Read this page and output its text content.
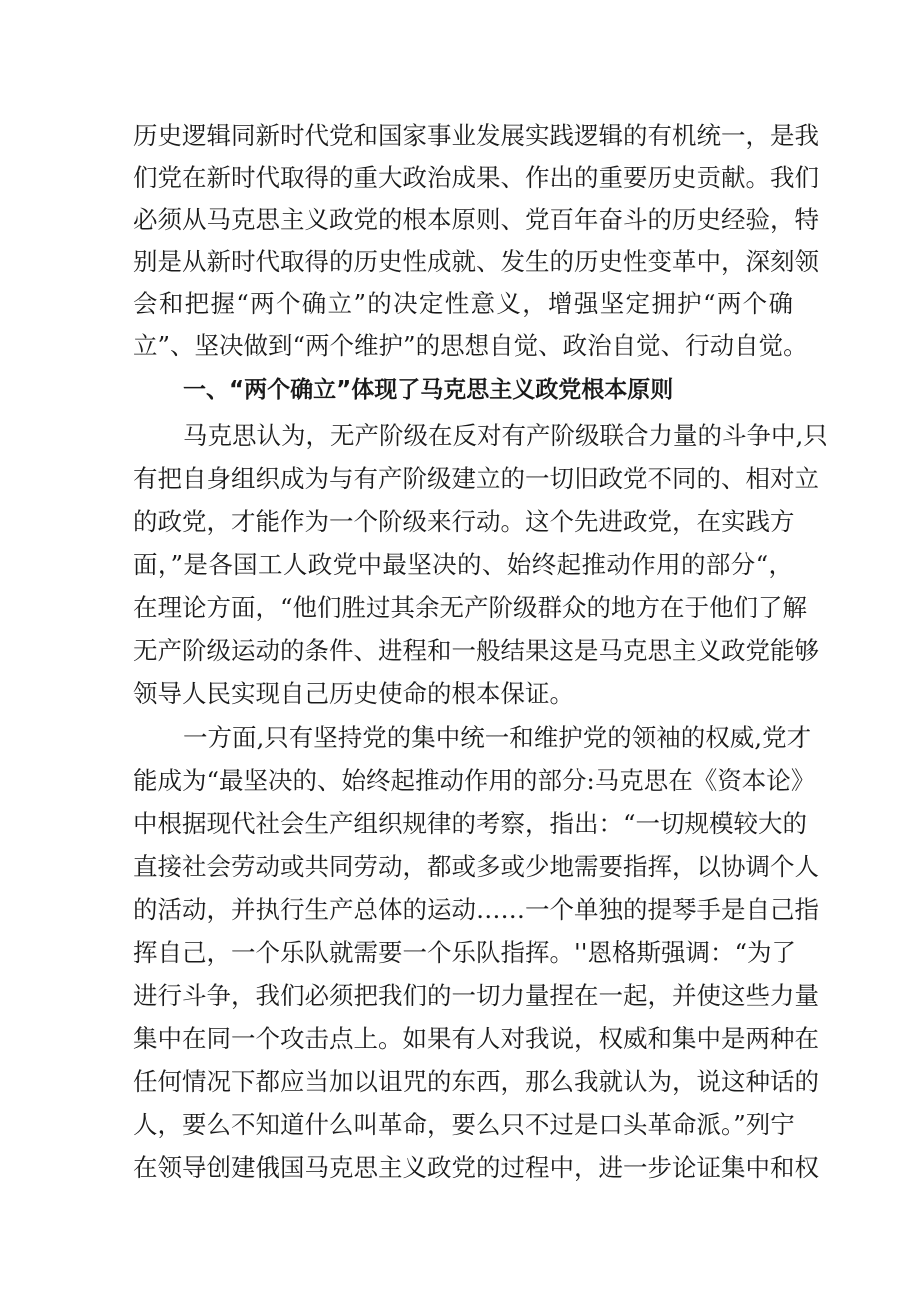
历史逻辑同新时代党和国家事业发展实践逻辑的有机统一，是我
们党在新时代取得的重大政治成果、作出的重要历史贡献。我们
必须从马克思主义政党的根本原则、党百年奋斗的历史经验，特
别是从新时代取得的历史性成就、发生的历史性变革中，深刻领
会和把握“两个确立”的决定性意义，增强坚定拥护“两个确
立”、坚决做到“两个维护”的思想自觉、政治自觉、行动自觉。
一、“两个确立”体现了马克思主义政党根本原则
马克思认为，无产阶级在反对有产阶级联合力量的斗争中,只
有把自身组织成为与有产阶级建立的一切旧政党不同的、相对立
的政党，才能作为一个阶级来行动。这个先进政党，在实践方
面，”是各国工人政党中最坚决的、始终起推动作用的部分“，
在理论方面，“他们胜过其余无产阶级群众的地方在于他们了解
无产阶级运动的条件、进程和一般结果这是马克思主义政党能够
领导人民实现自己历史使命的根本保证。
一方面,只有坚持党的集中统一和维护党的领袖的权威,党才
能成为“最坚决的、始终起推动作用的部分:马克思在《资本论》
中根据现代社会生产组织规律的考察，指出：“一切规模较大的
直接社会劳动或共同劳动，都或多或少地需要指挥，以协调个人
的活动，并执行生产总体的运动……一个单独的提琴手是自己指
挥自己，一个乐队就需要一个乐队指挥。''恩格斯强调：“为了
进行斗争，我们必须把我们的一切力量捏在一起，并使这些力量
集中在同一个攻击点上。如果有人对我说，权威和集中是两种在
任何情况下都应当加以诅咒的东西，那么我就认为，说这种话的
人，要么不知道什么叫革命，要么只不过是口头革命派。”列宁
在领导创建俄国马克思主义政党的过程中，进一步论证集中和权
